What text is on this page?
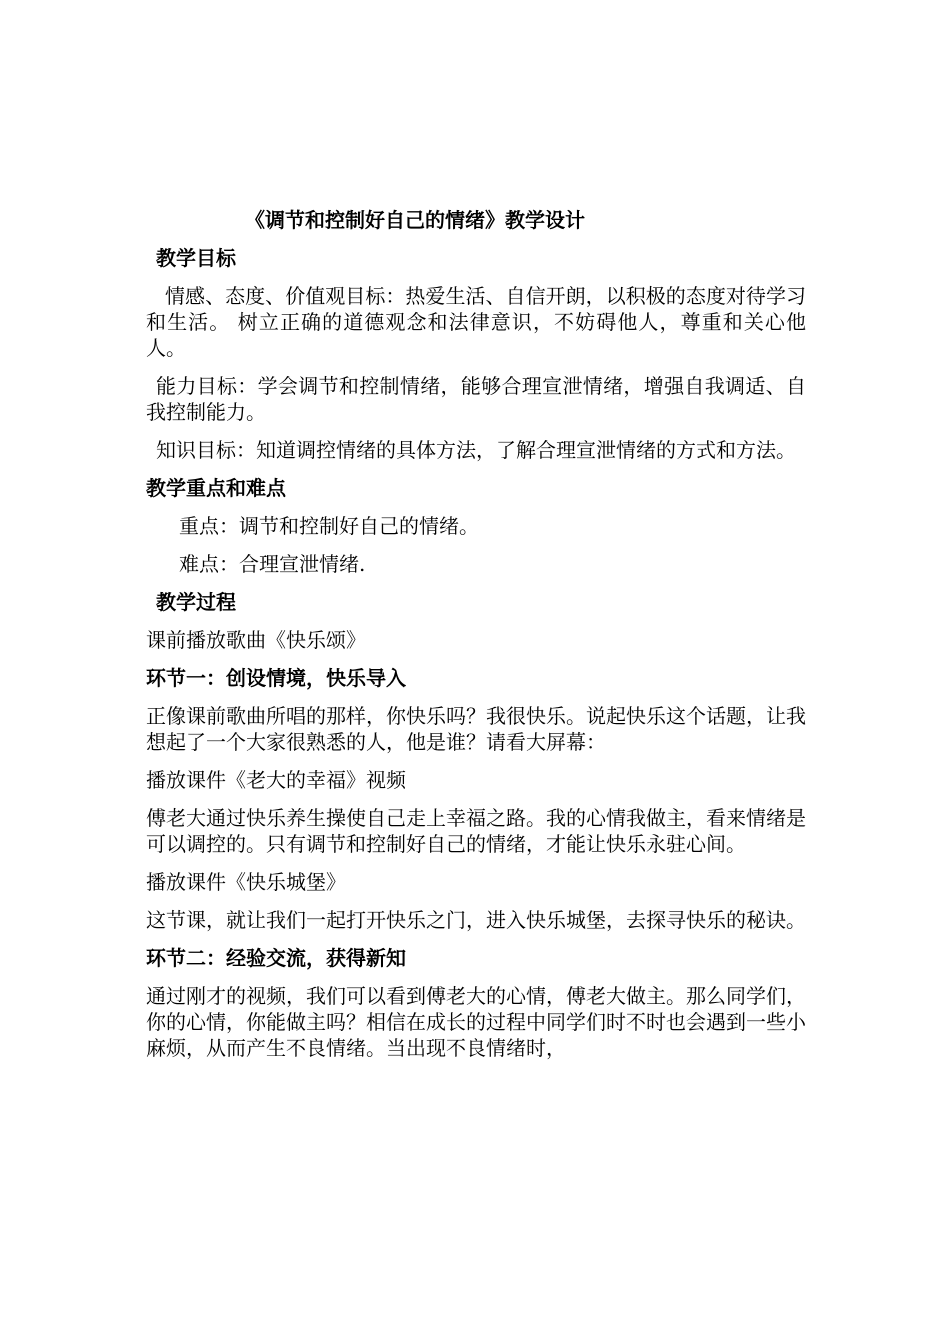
《调节和控制好自己的情绪》教学设计
教学目标
情感、态度、价值观目标：热爱生活、自信开朗，以积极的态度对待学习和生活。 树立正确的道德观念和法律意识，不妨碍他人，尊重和关心他人。
能力目标：学会调节和控制情绪，能够合理宣泄情绪，增强自我调适、自我控制能力。
知识目标：知道调控情绪的具体方法，了解合理宣泄情绪的方式和方法。
教学重点和难点
重点：调节和控制好自己的情绪。
难点：合理宣泄情绪.
教学过程
课前播放歌曲《快乐颂》
环节一：创设情境，快乐导入
正像课前歌曲所唱的那样，你快乐吗？我很快乐。说起快乐这个话题，让我想起了一个大家很熟悉的人，他是谁？请看大屏幕：
播放课件《老大的幸福》视频
傅老大通过快乐养生操使自己走上幸福之路。我的心情我做主，看来情绪是可以调控的。只有调节和控制好自己的情绪，才能让快乐永驻心间。
播放课件《快乐城堡》
这节课，就让我们一起打开快乐之门，进入快乐城堡，去探寻快乐的秘诀。
环节二：经验交流，获得新知
通过刚才的视频，我们可以看到傅老大的心情，傅老大做主。那么同学们，你的心情，你能做主吗？相信在成长的过程中同学们时不时也会遇到一些小麻烦，从而产生不良情绪。当出现不良情绪时，
